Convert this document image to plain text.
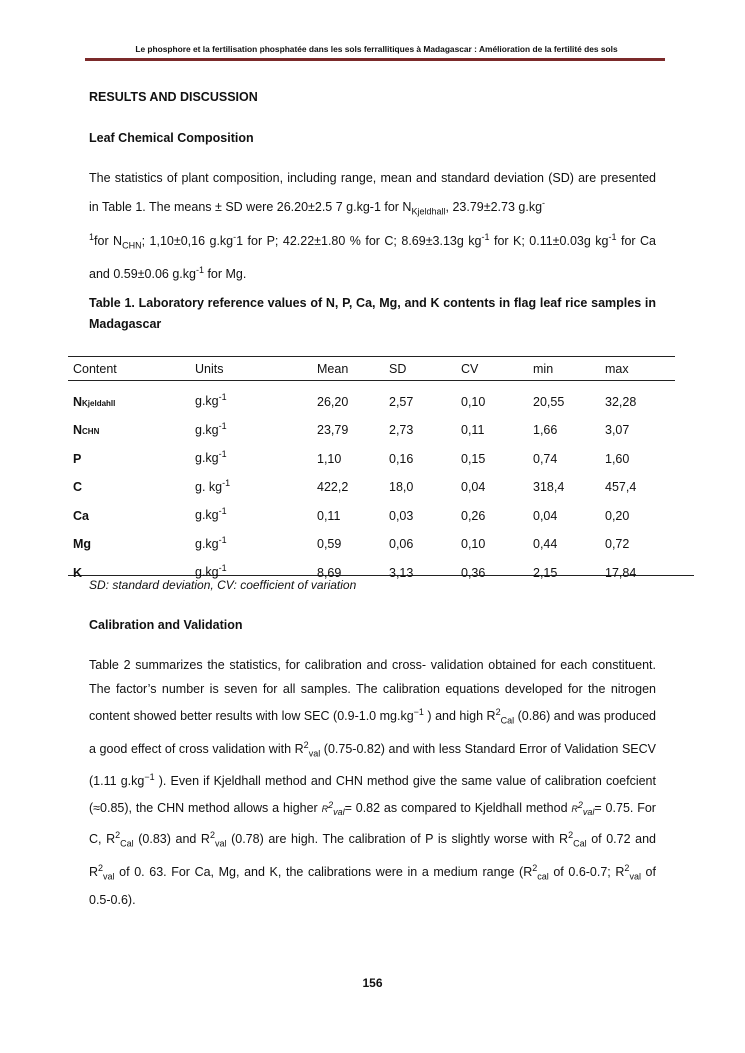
Le phosphore et la fertilisation phosphatée dans les sols ferrallitiques à Madagascar : Amélioration de la fertilité des sols
RESULTS AND DISCUSSION
Leaf Chemical Composition
The statistics of plant composition, including range, mean and standard deviation (SD) are presented in Table 1. The means ± SD were 26.20±2.5 7 g.kg-1 for $N_{Kjeldhall}$, 23.79±2.73 g.kg-
$^1$for $N_{CHN}$; 1,10±0,16 g.kg-1 for P; 42.22±1.80 % for C; 8.69±3.13g $kg^{-1}$ for K; 0.11±0.03g $kg^{-1}$ for Ca and 0.59±0.06 $g.kg^{-1}$ for Mg.
Table 1. Laboratory reference values of N, P, Ca, Mg, and K contents in flag leaf rice samples in Madagascar
Content	Units	Mean	SD	CV	min	max
NKjeldahll	$g.kg^{-1}$	26,20	2,57	0,10	20,55	32,28
NCHN	$g.kg^{-1}$	23,79	2,73	0,11	1,66	3,07
P	$g.kg^{-1}$	1,10	0,16	0,15	0,74	1,60
C	g. $kg^{-1}$	422,2	18,0	0,04	318,4	457,4
Ca	$g.kg^{-1}$	0,11	0,03	0,26	0,04	0,20
Mg	$g.kg^{-1}$	0,59	0,06	0,10	0,44	0,72
K	$g.kg^{-1}$	8,69	3,13	0,36	2,15	17,84
SD: standard deviation, CV: coefficient of variation
Calibration and Validation
Table 2 summarizes the statistics, for calibration and cross- validation obtained for each constituent. The factor’s number is seven for all samples. The calibration equations developed for the nitrogen content showed better results with low SEC (0.9-1.0 $mg.kg^{-1}$ ) and high $R^2_{Cal}$ (0.86) and was produced a good effect of cross validation with $R^2_{val}$ (0.75-0.82) and with less Standard Error of Validation SECV (1.11 $g.kg^{-1}$ ). Even if Kjeldhall method and CHN method give the same value of calibration coefcient (≈0.85), the CHN method allows a higher $R^2_{val}= 0.82$ as compared to Kjeldhall method $R^2_{val}= 0.75$. For C, $R^2_{Cal}$ (0.83) and $R^2_{val}$ (0.78) are high. The calibration of P is slightly worse with $R^2_{Cal}$ of 0.72 and $R^2_{val}$ of 0. 63. For Ca, Mg, and K, the calibrations were in a medium range ($R^2_{cal}$ of 0.6-0.7; $R^2_{val}$ of 0.5-0.6).
156
